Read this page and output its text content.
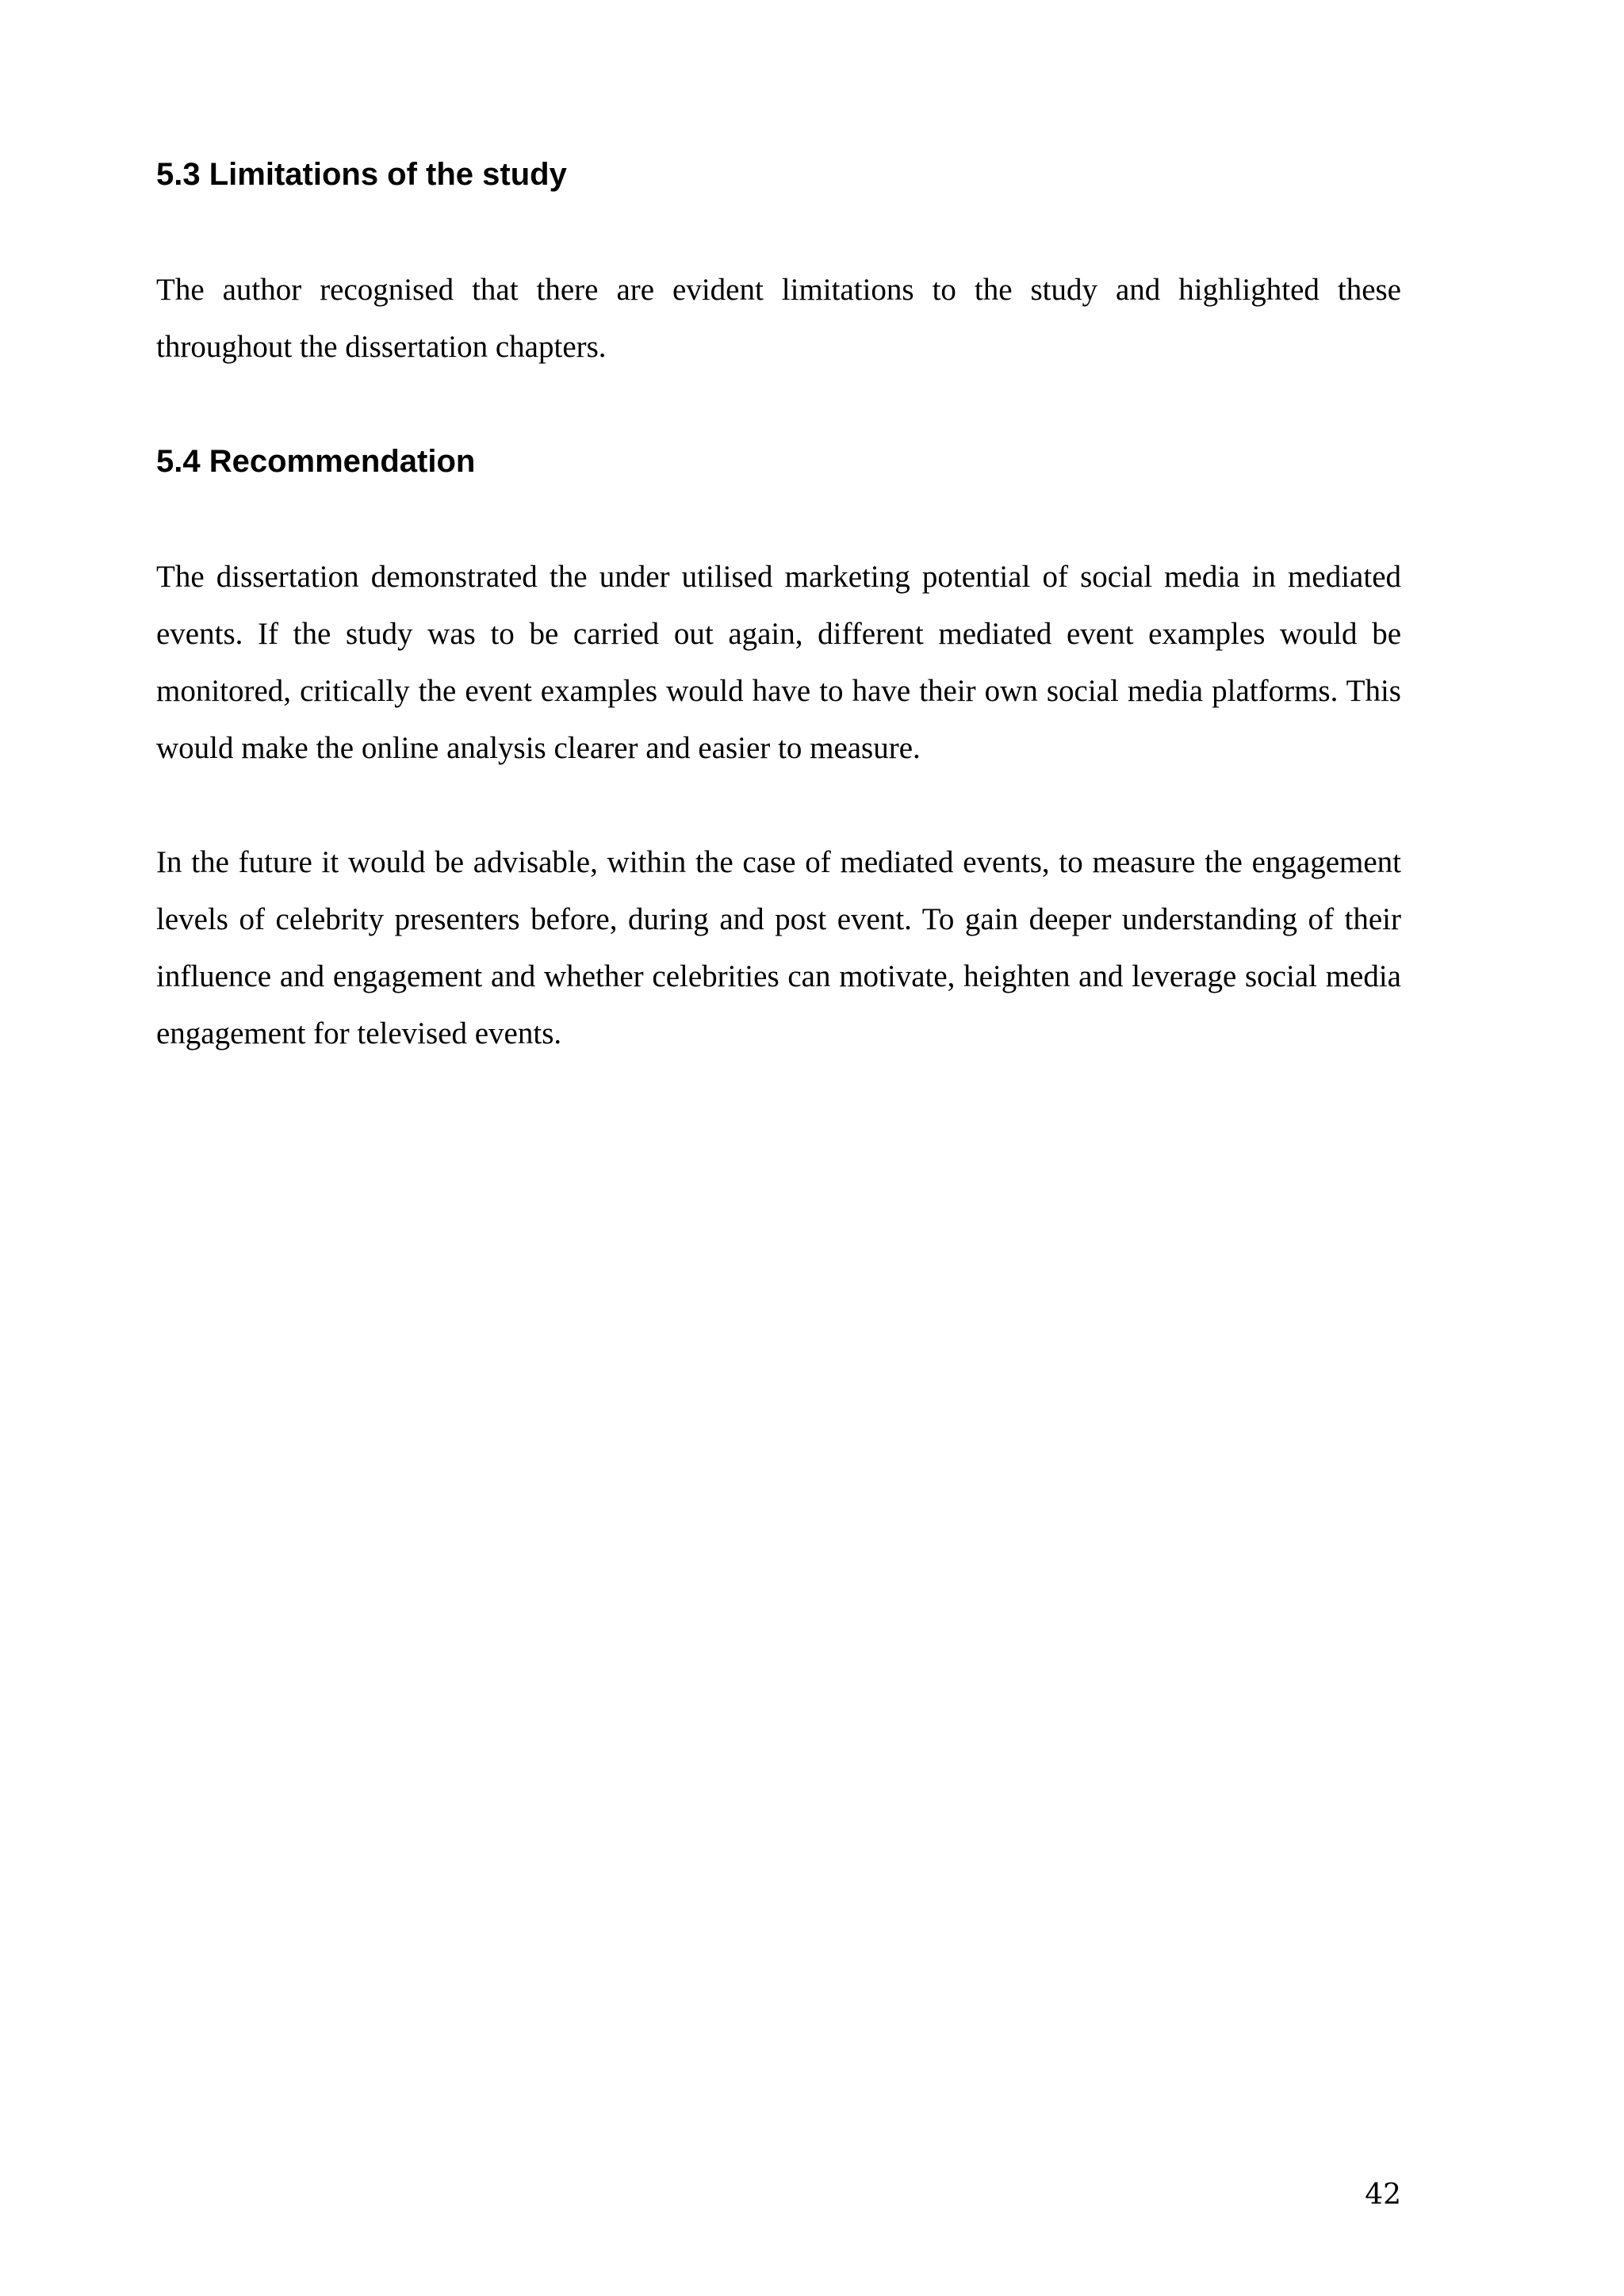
5.3 Limitations of the study

The author recognised that there are evident limitations to the study and highlighted these throughout the dissertation chapters.

5.4 Recommendation

The dissertation demonstrated the under utilised marketing potential of social media in mediated events. If the study was to be carried out again, different mediated event examples would be monitored, critically the event examples would have to have their own social media platforms. This would make the online analysis clearer and easier to measure.

In the future it would be advisable, within the case of mediated events, to measure the engagement levels of celebrity presenters before, during and post event. To gain deeper understanding of their influence and engagement and whether celebrities can motivate, heighten and leverage social media engagement for televised events.

42
